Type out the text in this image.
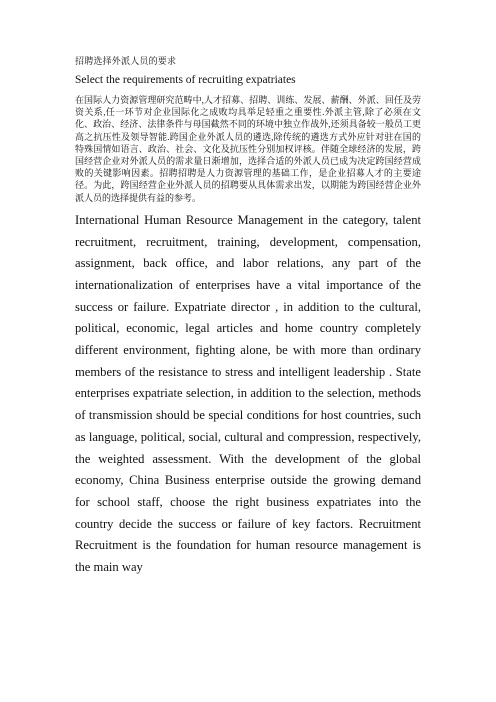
招聘选择外派人员的要求
Select the requirements of recruiting expatriates
在国际人力资源管理研究范畴中,人才招募、招聘、训练、发展、薪酬、外派、回任及劳资关系,任一环节对企业国际化之成败均具举足轻重之重要性.外派主管,除了必须在文化、政治、经济、法律条件与母国截然不同的环境中独立作战外,还须具备较一般员工更高之抗压性及领导智能.跨国企业外派人员的遴选,除传统的遴选方式外应针对驻在国的特殊国情如语言、政治、社会、文化及抗压性分别加权评核。伴随全球经济的发展，跨国经营企业对外派人员的需求量日渐增加，选择合适的外派人员已成为决定跨国经营成败的关键影响因素。招聘招聘是人力资源管理的基础工作，是企业招募人才的主要途径。为此，跨国经营企业外派人员的招聘要从具体需求出发，以期能为跨国经营企业外派人员的选择提供有益的参考。
International Human Resource Management in the category, talent recruitment, recruitment, training, development, compensation, assignment, back office, and labor relations, any part of the internationalization of enterprises have a vital importance of the success or failure. Expatriate director , in addition to the cultural, political, economic, legal articles and home country completely different environment, fighting alone, be with more than ordinary members of the resistance to stress and intelligent leadership . State enterprises expatriate selection, in addition to the selection, methods of transmission should be special conditions for host countries, such as language, political, social, cultural and compression, respectively, the weighted assessment. With the development of the global economy, China Business enterprise outside the growing demand for school staff, choose the right business expatriates into the country decide the success or failure of key factors. Recruitment Recruitment is the foundation for human resource management is the main way
